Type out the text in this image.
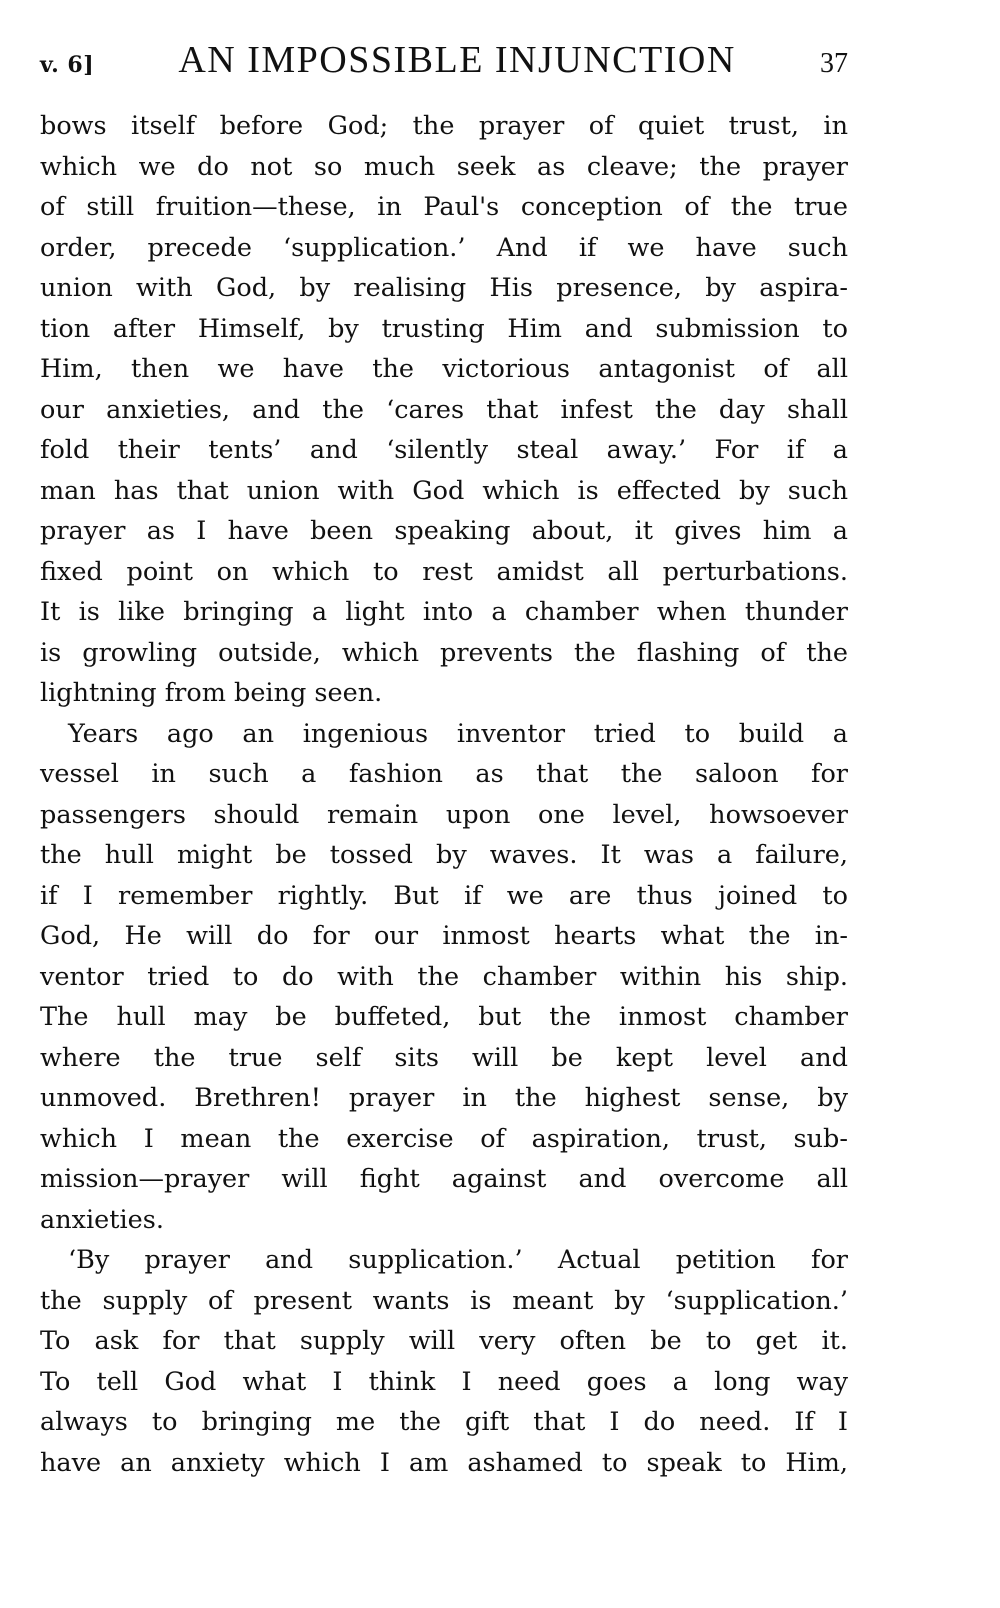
v. 6] AN IMPOSSIBLE INJUNCTION	37
bows itself before God; the prayer of quiet trust, in
which we do not so much seek as cleave; the prayer
of still fruition—these, in Paul's conception of the true
order, precede ‘supplication.’ And if we have such
union with God, by realising His presence, by aspira-
tion after Himself, by trusting Him and submission to
Him, then we have the victorious antagonist of all
our anxieties, and the ‘cares that infest the day shall
fold their tents’ and ‘silently steal away.’ For if a
man has that union with God which is effected by such
prayer as I have been speaking about, it gives him a
fixed point on which to rest amidst all perturbations.
It is like bringing a light into a chamber when thunder
is growling outside, which prevents the flashing of the
lightning from being seen.
Years ago an ingenious inventor tried to build a
vessel in such a fashion as that the saloon for
passengers should remain upon one level, howsoever
the hull might be tossed by waves. It was a failure,
if I remember rightly. But if we are thus joined to
God, He will do for our inmost hearts what the in-
ventor tried to do with the chamber within his ship.
The hull may be buffeted, but the inmost chamber
where the true self sits will be kept level and
unmoved. Brethren! prayer in the highest sense, by
which I mean the exercise of aspiration, trust, sub-
mission—prayer will fight against and overcome all
anxieties.
‘By prayer and supplication.’ Actual petition for
the supply of present wants is meant by ‘supplication.’
To ask for that supply will very often be to get it.
To tell God what I think I need goes a long way
always to bringing me the gift that I do need. If I
have an anxiety which I am ashamed to speak to Him,
